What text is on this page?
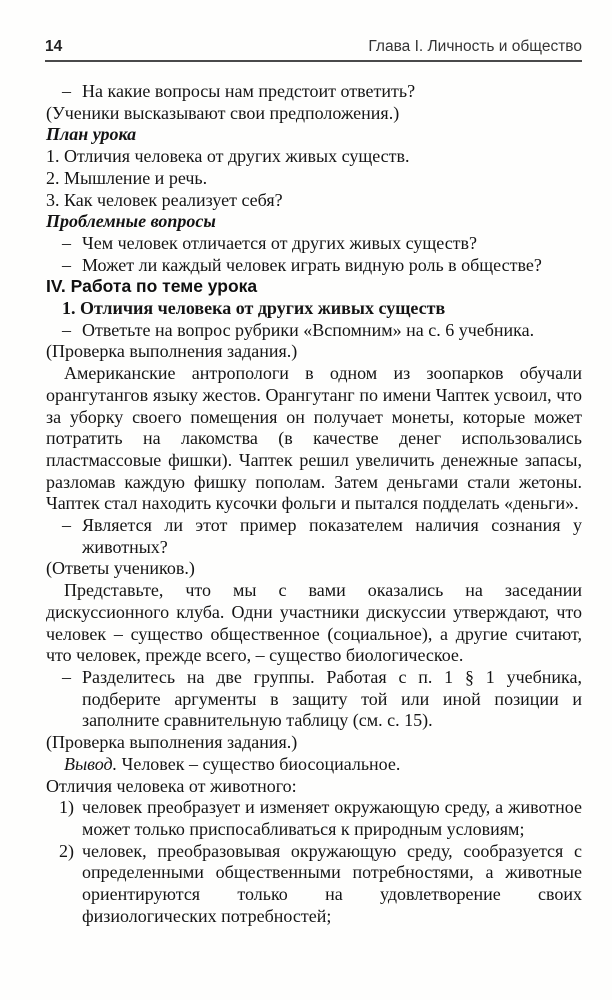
14	Глава I. Личность и общество

– На какие вопросы нам предстоит ответить?

(Ученики высказывают свои предположения.)

План урока

1. Отличия человека от других живых существ.

2. Мышление и речь.

3. Как человек реализует себя?

Проблемные вопросы

– Чем человек отличается от других живых существ?

– Может ли каждый человек играть видную роль в обществе?

IV. Работа по теме урока

1. Отличия человека от других живых существ

– Ответьте на вопрос рубрики «Вспомним» на с. 6 учебника.

(Проверка выполнения задания.)

Американские антропологи в одном из зоопарков обучали орангутангов языку жестов. Орангутанг по имени Чаптек усвоил, что за уборку своего помещения он получает монеты, которые может потратить на лакомства (в качестве денег использовались пластмассовые фишки). Чаптек решил увеличить денежные запасы, разломав каждую фишку пополам. Затем деньгами стали жетоны. Чаптек стал находить кусочки фольги и пытался подделать «деньги».

– Является ли этот пример показателем наличия сознания у животных?

(Ответы учеников.)

Представьте, что мы с вами оказались на заседании дискуссионного клуба. Одни участники дискуссии утверждают, что человек – существо общественное (социальное), а другие считают, что человек, прежде всего, – существо биологическое.

– Разделитесь на две группы. Работая с п. 1 § 1 учебника, подберите аргументы в защиту той или иной позиции и заполните сравнительную таблицу (см. с. 15).

(Проверка выполнения задания.)

Вывод. Человек – существо биосоциальное.

Отличия человека от животного:

1) человек преобразует и изменяет окружающую среду, а животное может только приспосабливаться к природным условиям;

2) человек, преобразовывая окружающую среду, сообразуется с определенными общественными потребностями, а животные ориентируются только на удовлетворение своих физиологических потребностей;
